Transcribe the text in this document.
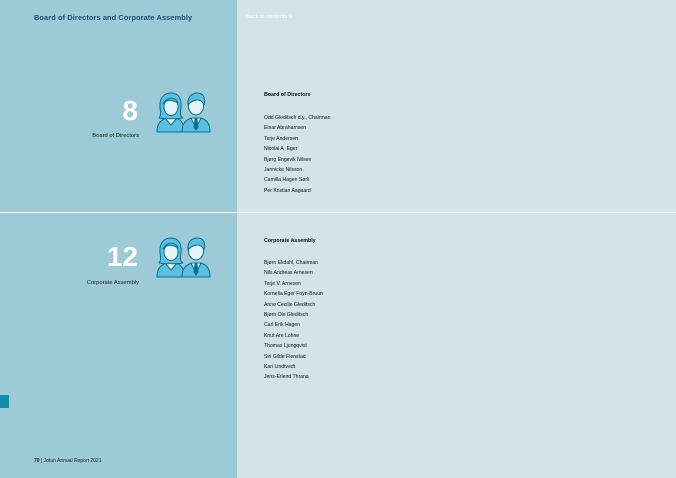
Board of Directors and Corporate Assembly	Back to contents >
8
Board of Directors
Board of Directors
Odd Gleditsch d.y., Chairman
Einar Abrahamsen
Terje Andersen
Nicolai A. Eger
Bjørg Engevik Nilsen
Jannicke Nilsson
Camilla Hagen Sørli
Per Kristian Aagaard
12
Corporate Assembly
Corporate Assembly
Bjørn Ekdahl, Chairman
Nils Andreas Arnesen
Terje V. Arnesen
Kornelia Eger Foyn-Bruun
Anne Cecilie Gleditsch
Bjørn Ole Gleditsch
Carl Erik Hagen
Knut Are Lohne
Thomas Ljungqvist
Siri Gilde Flenstad
Kari Lindtvedt
Jens-Erlend Thrana
70 | Jotun Annual Report 2021
